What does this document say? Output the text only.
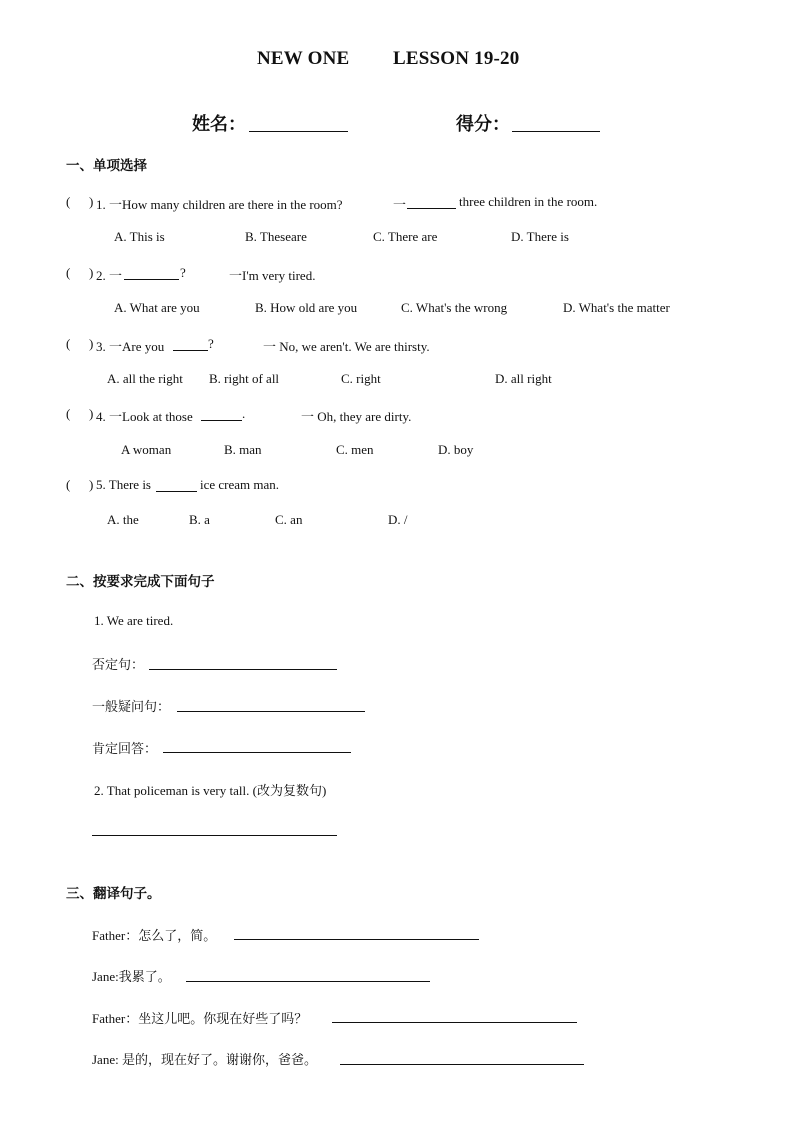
NEW ONE LESSON 19-20
姓名：	得分：
一、单项选择
( ) 1. 一How many children are there in the room?	一	three children in the room.
A. This is	B. Theseare	C. There are	D. There is
( ) 2. 一	?	一I'm very tired.
A. What are you	B. How old are you	C. What's the wrong	D. What's the matter
( ) 3. 一Are you	?	一 No, we aren't. We are thirsty.
A. all the right B. right of all	C. right	D. all right
( ) 4. 一Look at those	.	一 Oh, they are dirty.
A woman	B. man	C. men	D. boy
( ) 5. There is	ice cream man.
A. the	B. a	C. an	D. /
二、按要求完成下面句子
1. We are tired.
否定句：
一般疑问句：
肯定回答：
2. That policeman is very tall. (改为复数句)
三、翻译句子。
Father：怎么了，简。
Jane:我累了。
Father：坐这儿吧。你现在好些了吗？
Jane: 是的，现在好了。谢谢你，爸爸。
